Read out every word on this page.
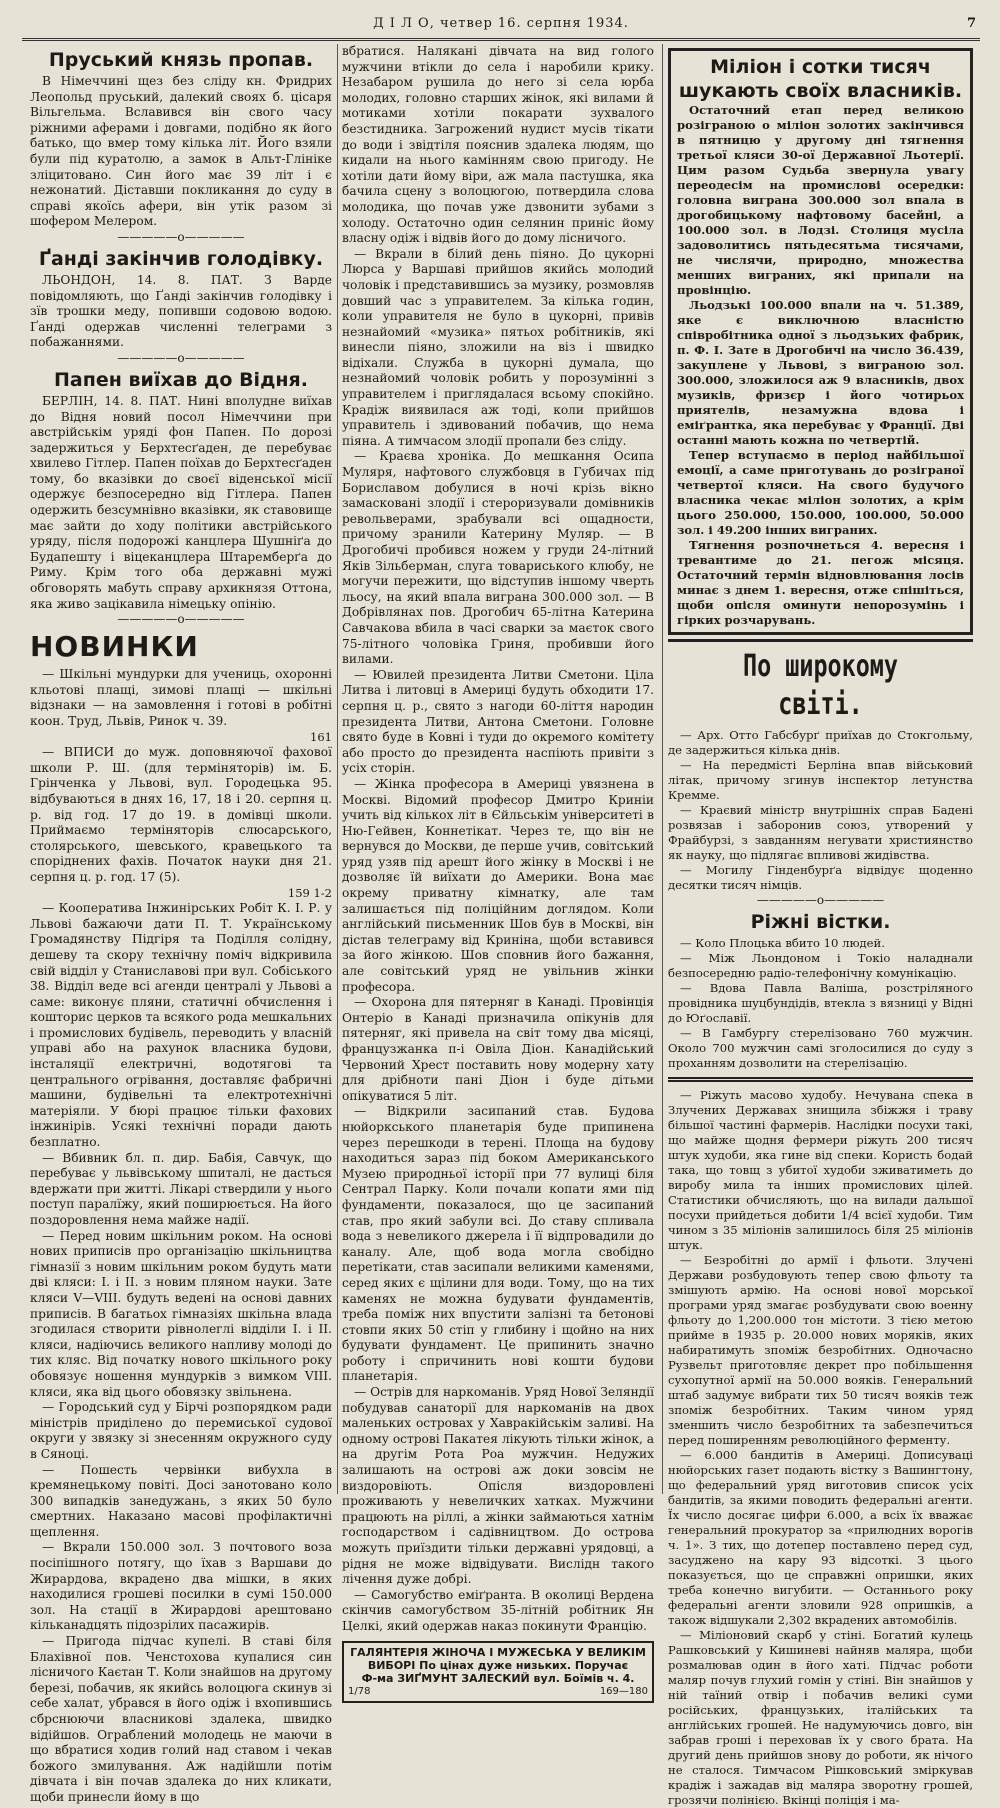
Д І Л О, четвер 16. серпня 1934.	7
Пруський князь пропав.

В Німеччині щез без сліду кн. Фридрих Леопольд пруський, далекий своях б. цісаря Вільгельма. Вславився він свого часу ріжними аферами і довгами, подібно як його батько, що вмер тому кілька літ. Його взяли були під куратолю, а замок в Альт-Глініке зліцитовано. Син його має 39 літ і є нежонатий. Діставши покликання до суду в справі якоїсь афери, він утік разом зі шофером Мелером.

—————o—————
Ґанді закінчив голодівку.

ЛЬОНДОН, 14. 8. ПАТ. З Варде повідомляють, що Ґанді закінчив голодівку і зїв трошки меду, попивши содовою водою. Ґанді одержав численні телеграми з побажаннями.

—————o—————
Папен виїхав до Відня.

БЕРЛІН, 14. 8. ПАТ. Нині вполудне виїхав до Відня новий посол Німеччини при австрійськім уряді фон Папен. По дорозі задержиться у Берхтесґаден, де перебуває хвилево Гітлер. Папен поїхав до Берхтесґаден тому, бо вказівки до своєї віденської місії одержує безпосередно від Гітлера. Папен одержить безсумнівно вказівки, як ставовище має зайти до ходу політики австрійського уряду, після подорожі канцлера Шушніґа до Будапешту і віцеканцлера Штаремберґа до Риму. Крім того оба державні мужі обговорять мабуть справу архикнязя Оттона, яка живо зацікавила німецьку опінію.

—————o—————
НОВИНКИ

— Шкільні мундурки для учениць, охоронні кльотові плащі, зимові плащі — шкільні відзнаки — на замовлення і готові в робітні коон. Труд, Львів, Ринок ч. 39.

161

— ВПИСИ до муж. доповняючої фахової школи Р. Ш. (для терміняторів) ім. Б. Грінченка у Львові, вул. Городецька 95. відбуваються в днях 16, 17, 18 і 20. серпня ц. р. від год. 17 до 19. в домівці школи. Приймаємо терміняторів слюсарського, столярського, шевського, кравецького та споріднених фахів. Початок науки дня 21. серпня ц. р. год. 17 (5).

159 1-2

— Кооператива Інжинірських Робіт К. І. Р. у Львові бажаючи дати П. Т. Українському Громадянству Підгіря та Поділля солідну, дешеву та скору технічну поміч відкривила свій відділ у Станиславові при вул. Собіського 38. Відділ веде всі агенди централі у Львові а саме: виконує пляни, статичні обчислення і кошторис церков та всякого рода мешкальних і промислових будівель, переводить у власній управі або на рахунок власника будови, інсталяції електричні, водотягові та центрального огрівання, доставляє фабричні машини, будівельні та електротехнічні матеріяли. У бюрі працює тільки фахових інжинірів. Усякі технічні поради дають безплатно.

— Вбивник бл. п. дир. Бабія, Савчук, що перебуває у львівському шпиталі, не дасться вдержати при житті. Лікарі ствердили у нього поступ паралїжу, який поширюється. На його поздоровлення нема майже надії.

— Перед новим шкільним роком. На основі нових приписів про організацію шкільництва гімназії з новим шкільним роком будуть мати дві кляси: І. і II. з новим пляном науки. Зате кляси V—VIII. будуть ведені на основі давних приписів. В багатьох гімназіях шкільна влада згодилася створити рівнолеглі відділи І. і II. кляси, надіючись великого напливу молоді до тих кляс. Від початку нового шкільного року обовязує ношення мундурків з вимком VIII. кляси, яка від цього обовязку звільнена.

— Городський суд у Бірчі розпорядком ради міністрів приділено до перемиської судової округи у звязку зі знесенням окружного суду в Сяноці.

— Пошесть червінки вибухла в кремянецькому повіті. Досі занотовано коло 300 випадків занедужань, з яких 50 було смертних. Наказано масові профілактичні щеплення.

— Вкрали 150.000 зол. З почтового воза посіпішного потягу, що їхав з Варшави до Жирардова, вкрадено два мішки, в яких находилися грошеві посилки в сумі 150.000 зол. На стації в Жирардові арештовано кільканадцять підозрілих пасажирів.

— Пригода підчас купелі. В ставі біля Блахівної пов. Ченстохова купалися син лісничого Каєтан Т. Коли знайшов на другому березі, побачив, як якийсь волоцюга скинув зі себе халат, убрався в його одіж і вхопившись сбрснюючи власникові здалека, швидко відійшов. Ограблений молодець не маючи в що вбратися ходив голий над ставом і чекав божого змилування. Аж надійшли потім дівчата і він почав здалека до них кликати, щоби принесли йому в що

вбратися. Налякані дівчата на вид голого мужчини втікли до села і наробили крику. Незабаром рушила до него зі села юрба молодих, головно старших жінок, які вилами й мотиками хотіли покарати зухвалого безстидника. Загрожений нудист мусів тікати до води і звідтіля пояснив здалека людям, що кидали на нього камінням свою пригоду. Не хотіли дати йому віри, аж мала пастушка, яка бачила сцену з волоцюгою, потвердила слова молодика, що почав уже дзвонити зубами з холоду. Остаточно один селянин приніс йому власну одіж і відвів його до дому лісничого.

— Вкрали в білий день піяно. До цукорні Люрса у Варшаві прийшов якийсь молодий чоловік і представившись за музику, розмовляв довший час з управителем. За кілька годин, коли управителя не було в цукорні, привів незнайомий «музика» пятьох робітників, які винесли піяно, зложили на віз і швидко відіхали. Служба в цукорні думала, що незнайомий чоловік робить у порозумінні з управителем і приглядалася всьому спокійно. Крадіж виявилася аж тоді, коли прийшов управитель і здивований побачив, що нема піяна. А тимчасом злодії пропали без сліду.

— Краєва хроніка. До мешкання Осипа Муляря, нафтового службовця в Губичах під Бориславом добулися в ночі крізь вікно замасковані злодії і стероризували домівників револьверами, зрабували всі ощадности, причому зранили Катерину Муляр. — В Дрогобичі пробився ножем у груди 24-літний Яків Зільберман, слуга товариського клюбу, не могучи пережити, що відступив іншому чверть льосу, на який впала виграна 300.000 зол. — В Добрівлянах пов. Дрогобич 65-літна Катерина Савчакова вбила в часі сварки за маєток свого 75-літного чоловіка Гриня, пробивши його вилами.

— Ювилей президента Литви Сметони. Ціла Литва і литовці в Америці будуть обходити 17. серпня ц. р., свято з нагоди 60-ліття народин президента Литви, Антона Сметони. Головне свято буде в Ковні і туди до окремого комітету або просто до президента наспіють привіти з усіх сторін.

— Жінка професора в Америці увязнена в Москві. Відомий професор Дмитро Криніи учить від кількох літ в Єйльськім університеті в Ню-Гейвен, Коннетікат. Через те, що він не вернувся до Москви, де перше учив, совітський уряд узяв під арешт його жінку в Москві і не дозволяє їй виїхати до Америки. Вона має окрему приватну кімнатку, але там залишається під поліційним доглядом. Коли англійський письменник Шов був в Москві, він дістав телеграму від Криніна, щоби вставився за його жінкою. Шов сповнив його бажання, але совітський уряд не увільнив жінки професора.

— Охорона для пятерняг в Канаді. Провінція Онтеріо в Канаді призначила опікунів для пятерняг, які привела на світ тому два місяці, французжанка п-і Овіла Діон. Канадійський Червоний Хрест поставить нову модерну хату для дрібноти пані Діон і буде дітьми опікуватися 5 літ.

— Відкрили засипаний став. Будова нюйоркського планетарія буде припинена через перешкоди в терені. Площа на будову находиться зараз під боком Американського Музею природньої історії при 77 вулиці біля Сентрал Парку. Коли почали копати ями під фундаменти, показалося, що це засипаний став, про який забули всі. До ставу спливала вода з невеликого джерела і її відпровадили до каналу. Але, щоб вода могла свобідно перетікати, став засипали великими каменями, серед яких є щілини для води. Тому, що на тих каменях не можна будувати фундаментів, треба поміж них впустити залізні та бетонові стовпи яких 50 стіп у глибину і щойно на них будувати фундамент. Це припинить значно роботу і спричинить нові кошти будови планетарія.

— Острів для наркоманів. Уряд Нової Зеляндії побудував санаторії для наркоманів на двох маленьких островах у Хавракійськім заливі. На одному острові Пакатея лікують тільки жінок, а на другім Рота Роа мужчин. Недужих залишають на острові аж доки зовсім не виздоровіють. Опісля виздоровлені проживають у невеличких хатках. Мужчини працюють на ріллі, а жінки займаються хатнім господарством і садівництвом. До острова можуть приїздити тільки державні урядовці, а рідня не може відвідувати. Вислідн такого лічення дуже добрі.

— Самогубство еміґранта. В околиці Вердена скінчив самогубством 35-літній робітник Ян Целкі, який одержав наказ покинути Францію.

ГАЛЯНТЕРІЯ ЖІНОЧА І МУЖЕСЬКА У ВЕЛИКІМ ВИБОРІ По цінах дуже низьких. Поручає
Ф-ма ЗИҐМУНТ ЗАЛЕСКИЙ вул. Боїмів ч. 4.
1/78	169—180
Міліон і сотки тисяч шукають своїх власників.

Остаточний етап перед великою розіграною о міліон золотих закінчився в пятницю у другому дні тягнення третьої кляси 30-ої Державної Льотерії. Цим разом Судьба звернула увагу переодесім на промислові осередки: головна виграна 300.000 зол впала в дрогобицькому нафтовому басейні, а 100.000 зол. в Лодзі. Столиця мусіла задоволитись пятьдесятьма тисячами, не числячи, природно, множества менших виграних, які припали на провінцію.

Льодзькі 100.000 впали на ч. 51.389, яке є виключною власністю співробітника одної з льодзьких фабрик, п. Ф. І. Зате в Дрогобичі на число 36.439, закуплене у Львові, з виграною зол. 300.000, зложилося аж 9 власників, двох музиків, фризєр і його чотирьох приятелів, незамужна вдова і еміґрантка, яка перебуває у Франції. Дві останні мають кожна по четвертій.

Тепер вступаємо в період найбільшої емоції, а саме приготувань до розіграної четвертої кляси. На свого будучого власника чекає міліон золотих, а крім цього 250.000, 150.000, 100.000, 50.000 зол. і 49.200 інших виграних.

Тягнення розпочнеться 4. вересня і тревантиме до 21. пегож місяця. Остаточний термін відновлювання лосів минає з днем 1. вересня, отже спішіться, щоби опісля оминути непорозумінь і гірких розчарувань.

По широкому світі.

— Арх. Отто Габсбурґ приїхав до Стокгольму, де задержиться кілька днів.

— На передмісті Берліна впав військовий літак, причому згинув інспектор летунства Кремме.

— Краєвий міністр внутрішніх справ Бадені розвязав і заборонив союз, утворений у Фрайбурзі, з завданням негувати християнство як науку, що підлягає впливові жидівства.

— Могилу Гінденбурґа відвідує щоденно десятки тисяч німців.

—————o—————
Ріжні вістки.

— Коло Плоцька вбито 10 людей.

— Між Льондоном і Токіо наладнали безпосередню радіо-телефонічну комунікацію.

— Вдова Павла Валіша, розстріляного провідника шуцбундідів, втекла з вязниці у Відні до Юґославії.

— В Гамбургу стерелізовано 760 мужчин. Около 700 мужчин самі зголосилися до суду з проханням дозволити на стерелізацію.

— Ріжуть масово худобу. Нечувана спека в Злучених Державах знищила збіжжя і траву більшої частині фармерів. Наслідки посухи такі, що майже щодня фермери ріжуть 200 тисяч штук худоби, яка гине від спеки. Користь бодай така, що товщ з убитої худоби зживатиметь до виробу мила та інших промислових цілей. Статистики обчисляють, що на вилади дальшої посухи прийдеться добити 1/4 всієї худоби. Тим чином з 35 міліонів залишилось біля 25 міліонів штук.

— Безробітні до армії і фльоти. Злучені Держави розбудовують тепер свою фльоту та змішують армію. На основі нової морської програми уряд змагає розбудувати свою военну фльоту до 1,200.000 тон містоти. З тією метою приймe в 1935 р. 20.000 нових моряків, яких набиратимуть зпоміж безробітних. Одночасно Рузвельт приготовляє декрет про побільшення сухопутної армії на 50.000 вояків. Генеральний штаб задумує вибрати тих 50 тисяч вояків теж зпоміж безробітних. Таким чином уряд зменшить число безробітних та забезпечиться перед поширенням революційного ферменту.

— 6.000 бандитів в Америці. Дописуваці нюйорських газет подають вістку з Вашингтону, що федеральний уряд виготовив список усіх бандитів, за якими поводить федеральні агенти. Їх число досягає цифри 6.000, а всіх їх вважає генеральний прокуратор за «прилюдних ворогів ч. 1». З тих, що дотепер поставлено перед суд, засуджено на кару 93 відсоткі. З цього показується, що це справжні опришки, яких треба конечно вигубити. — Останнього року федеральні агенти зловили 928 опришків, а також відшукали 2,302 вкрадених автомобілів.

— Міліоновий скарб у стіні. Богатий кулець Рашковський у Кишиневі найняв маляра, щоби розмалював один в його хаті. Підчас роботи маляр почув глухий гомін у стіні. Він знайшов у ній таїний отвір і побачив великі суми російських, французьких, італійських та англійських грошей. Не надумуючись довго, він забрав гроші і переховав їх у свого брата. На другий день прийшов знову до роботи, як нічого не сталося. Тимчасом Рішковський зміркував крадіж і зажадав від маляра зворотну грошей, грозячи полінією. Вкінці поліція і ма-
